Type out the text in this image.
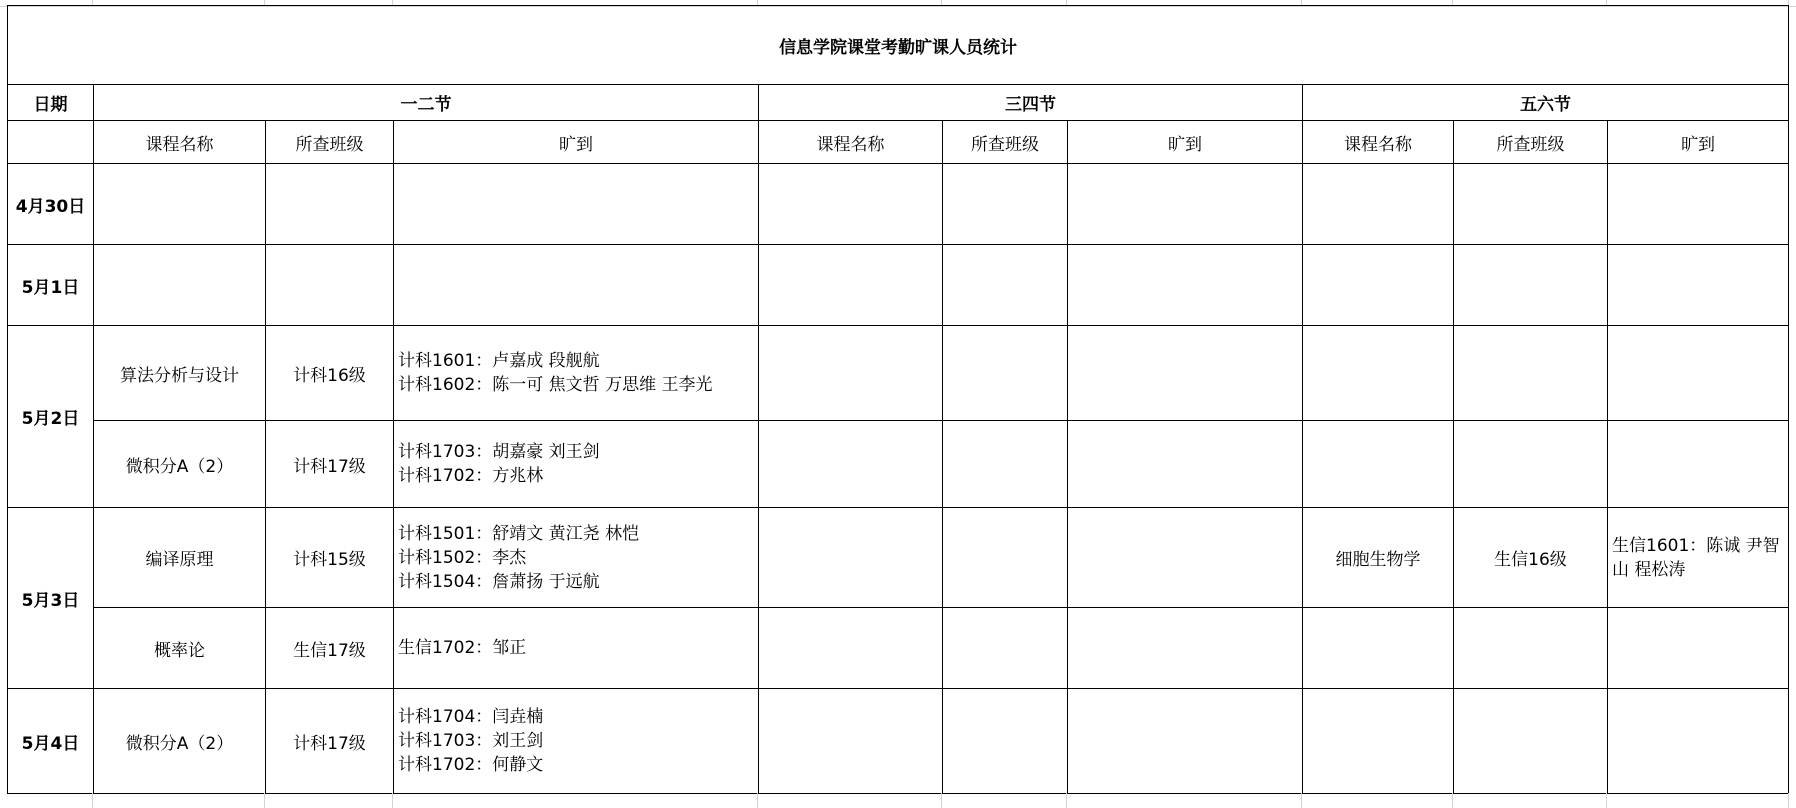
信息学院课堂考勤旷课人员统计									
日期	一二节			三四节			五六节		
	课程名称	所查班级	旷到	课程名称	所查班级	旷到	课程名称	所查班级	旷到
4月30日									
5月1日									
5月2日	算法分析与设计	计科16级	计科1601：卢嘉成 段舰航
计科1602：陈一可 焦文哲 万思维 王李光						
	微积分A（2）	计科17级	计科1703：胡嘉豪 刘王剑
计科1702：方兆林						
5月3日	编译原理	计科15级	计科1501：舒靖文 黄江尧 林恺
计科1502：李杰
计科1504：詹萧扬 于远航				细胞生物学	生信16级	生信1601：陈诚 尹智山 程松涛
	概率论	生信17级	生信1702：邹正						
5月4日	微积分A（2）	计科17级	计科1704：闫垚楠
计科1703：刘王剑
计科1702：何静文						
